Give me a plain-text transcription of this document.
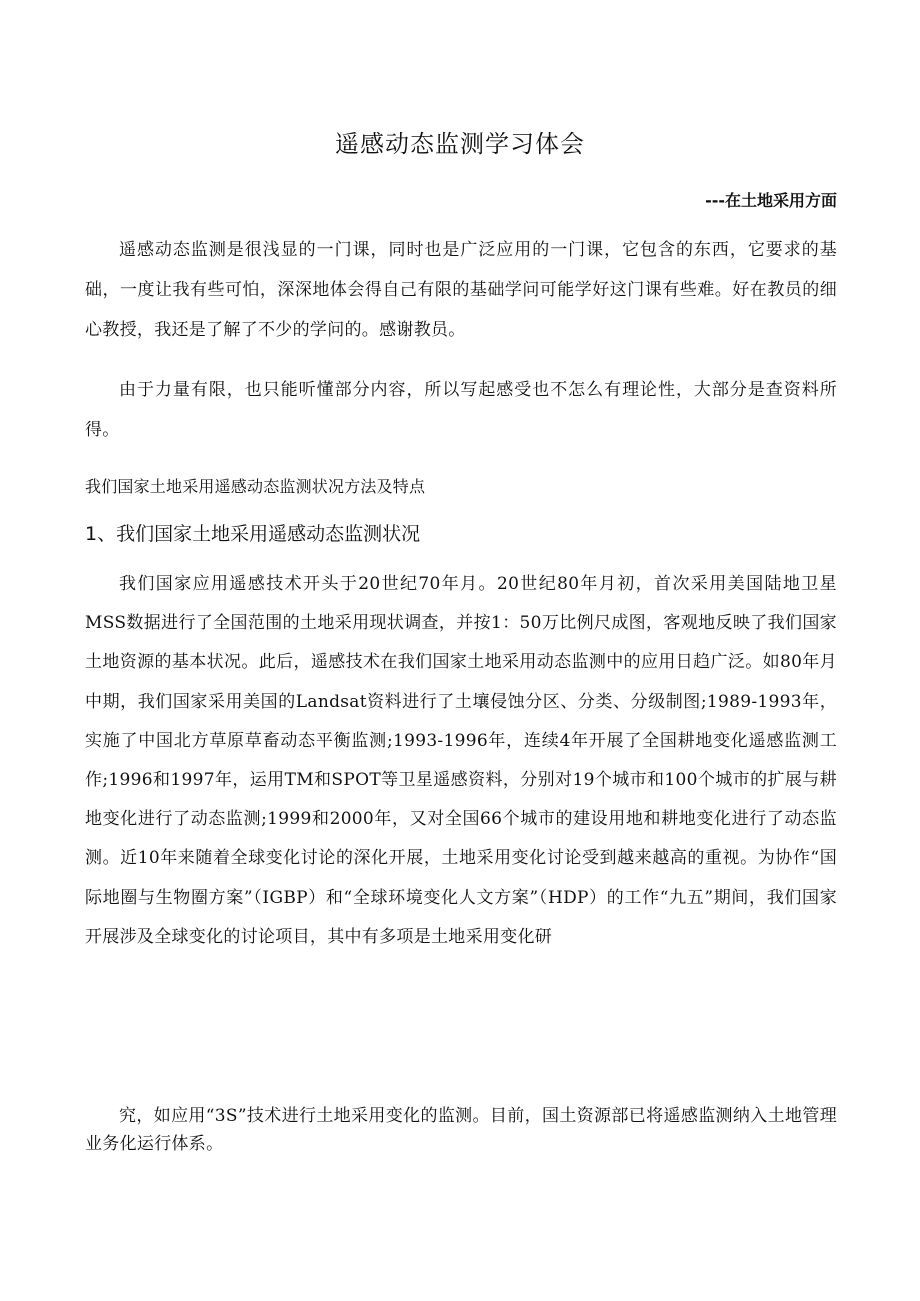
遥感动态监测学习体会

---在土地采用方面

遥感动态监测是很浅显的一门课，同时也是广泛应用的一门课，它包含的东西，它要求的基础，一度让我有些可怕，深深地体会得自己有限的基础学问可能学好这门课有些难。好在教员的细心教授，我还是了解了不少的学问的。感谢教员。

由于力量有限，也只能听懂部分内容，所以写起感受也不怎么有理论性，大部分是查资料所得。

我们国家土地采用遥感动态监测状况方法及特点

1、我们国家土地采用遥感动态监测状况

我们国家应用遥感技术开头于20世纪70年月。20世纪80年月初，首次采用美国陆地卫星MSS数据进行了全国范围的土地采用现状调查，并按1：50万比例尺成图，客观地反映了我们国家土地资源的基本状况。此后，遥感技术在我们国家土地采用动态监测中的应用日趋广泛。如80年月中期，我们国家采用美国的Landsat资料进行了土壤侵蚀分区、分类、分级制图;1989-1993年，实施了中国北方草原草畜动态平衡监测;1993-1996年，连续4年开展了全国耕地变化遥感监测工作;1996和1997年，运用TM和SPOT等卫星遥感资料，分别对19个城市和100个城市的扩展与耕地变化进行了动态监测;1999和2000年，又对全国66个城市的建设用地和耕地变化进行了动态监测。近10年来随着全球变化讨论的深化开展，土地采用变化讨论受到越来越高的重视。为协作“国际地圈与生物圈方案”（IGBP）和“全球环境变化人文方案”（HDP）的工作“九五”期间，我们国家开展涉及全球变化的讨论项目，其中有多项是土地采用变化研

究，如应用“3S”技术进行土地采用变化的监测。目前，国土资源部已将遥感监测纳入土地管理业务化运行体系。
